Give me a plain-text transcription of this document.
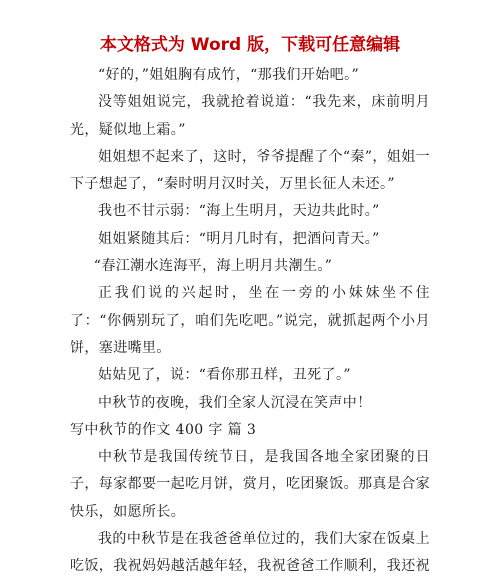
本文格式为 Word 版，下载可任意编辑

“好的，”姐姐胸有成竹，“那我们开始吧。”

没等姐姐说完，我就抢着说道：“我先来，床前明月光，疑似地上霜。”

姐姐想不起来了，这时，爷爷提醒了个“秦”，姐姐一下子想起了，“秦时明月汉时关，万里长征人未还。”

我也不甘示弱：“海上生明月，天边共此时。”

姐姐紧随其后：“明月几时有，把酒问青天。”

“春江潮水连海平，海上明月共潮生。”

正我们说的兴起时，坐在一旁的小妹妹坐不住了：“你俩别玩了，咱们先吃吧。”说完，就抓起两个小月饼，塞进嘴里。

姑姑见了，说：“看你那丑样，丑死了。”

中秋节的夜晚，我们全家人沉浸在笑声中！

写中秋节的作文 400 字 篇 3

中秋节是我国传统节日，是我国各地全家团聚的日子，每家都要一起吃月饼，赏月，吃团聚饭。那真是合家快乐，如愿所长。

我的中秋节是在我爸爸单位过的，我们大家在饭桌上吃饭，我祝妈妈越活越年轻，我祝爸爸工作顺利，我还祝
